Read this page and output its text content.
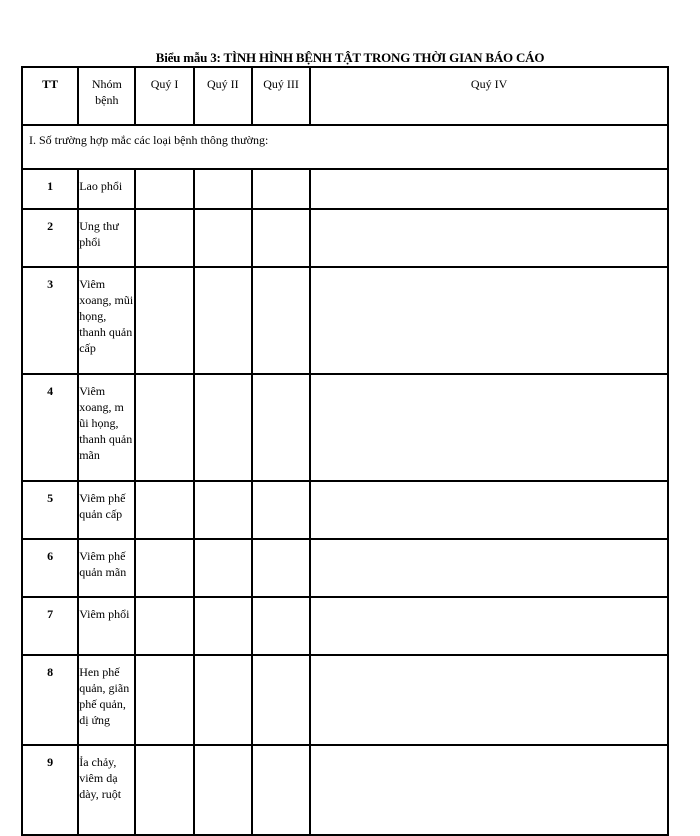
Biểu mẫu 3: TÌNH HÌNH BỆNH TẬT TRONG THỜI GIAN BÁO CÁO
TT	Nhóm bệnh	Quý I	Quý II	Quý III	Quý IV
I. Số trường hợp mắc các loại bệnh thông thường:					
1	Lao phổi				
2	Ung thư phổi				
3	Viêm xoang, mũi họng, thanh quản cấp				
4	Viêm xoang, m ũi họng, thanh quản mãn				
5	Viêm phế quản cấp				
6	Viêm phế quản mãn				
7	Viêm phổi				
8	Hen phế quản, giãn phế quản, dị ứng				
9	Ỉa chảy, viêm dạ dày, ruột				
